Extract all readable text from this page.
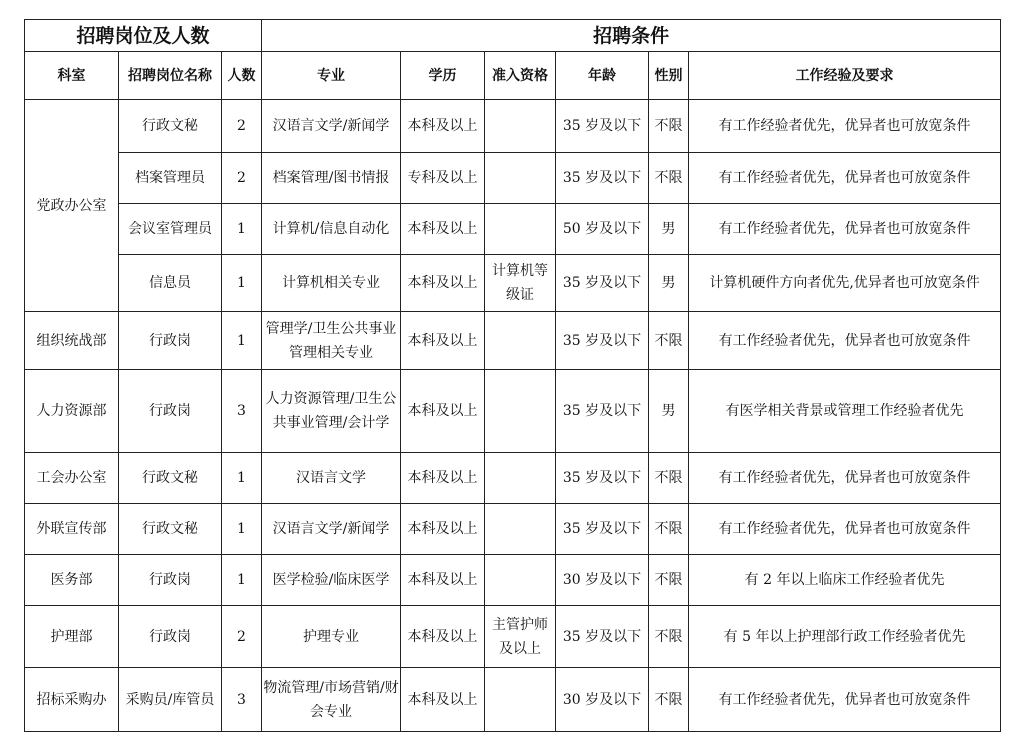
招聘岗位及人数			招聘条件					
科室	招聘岗位名称	人数	专业	学历	准入资格	年龄	性别	工作经验及要求
党政办公室	行政文秘	2	汉语言文学/新闻学	本科及以上		35 岁及以下	不限	有工作经验者优先，优异者也可放宽条件
	档案管理员	2	档案管理/图书情报	专科及以上		35 岁及以下	不限	有工作经验者优先，优异者也可放宽条件
	会议室管理员	1	计算机/信息自动化	本科及以上		50 岁及以下	男	有工作经验者优先，优异者也可放宽条件
	信息员	1	计算机相关专业	本科及以上	计算机等级证	35 岁及以下	男	计算机硬件方向者优先,优异者也可放宽条件
组织统战部	行政岗	1	管理学/卫生公共事业管理相关专业	本科及以上		35 岁及以下	不限	有工作经验者优先，优异者也可放宽条件
人力资源部	行政岗	3	人力资源管理/卫生公共事业管理/会计学	本科及以上		35 岁及以下	男	有医学相关背景或管理工作经验者优先
工会办公室	行政文秘	1	汉语言文学	本科及以上		35 岁及以下	不限	有工作经验者优先，优异者也可放宽条件
外联宣传部	行政文秘	1	汉语言文学/新闻学	本科及以上		35 岁及以下	不限	有工作经验者优先，优异者也可放宽条件
医务部	行政岗	1	医学检验/临床医学	本科及以上		30 岁及以下	不限	有 2 年以上临床工作经验者优先
护理部	行政岗	2	护理专业	本科及以上	主管护师及以上	35 岁及以下	不限	有 5 年以上护理部行政工作经验者优先
招标采购办	采购员/库管员	3	物流管理/市场营销/财会专业	本科及以上		30 岁及以下	不限	有工作经验者优先，优异者也可放宽条件
